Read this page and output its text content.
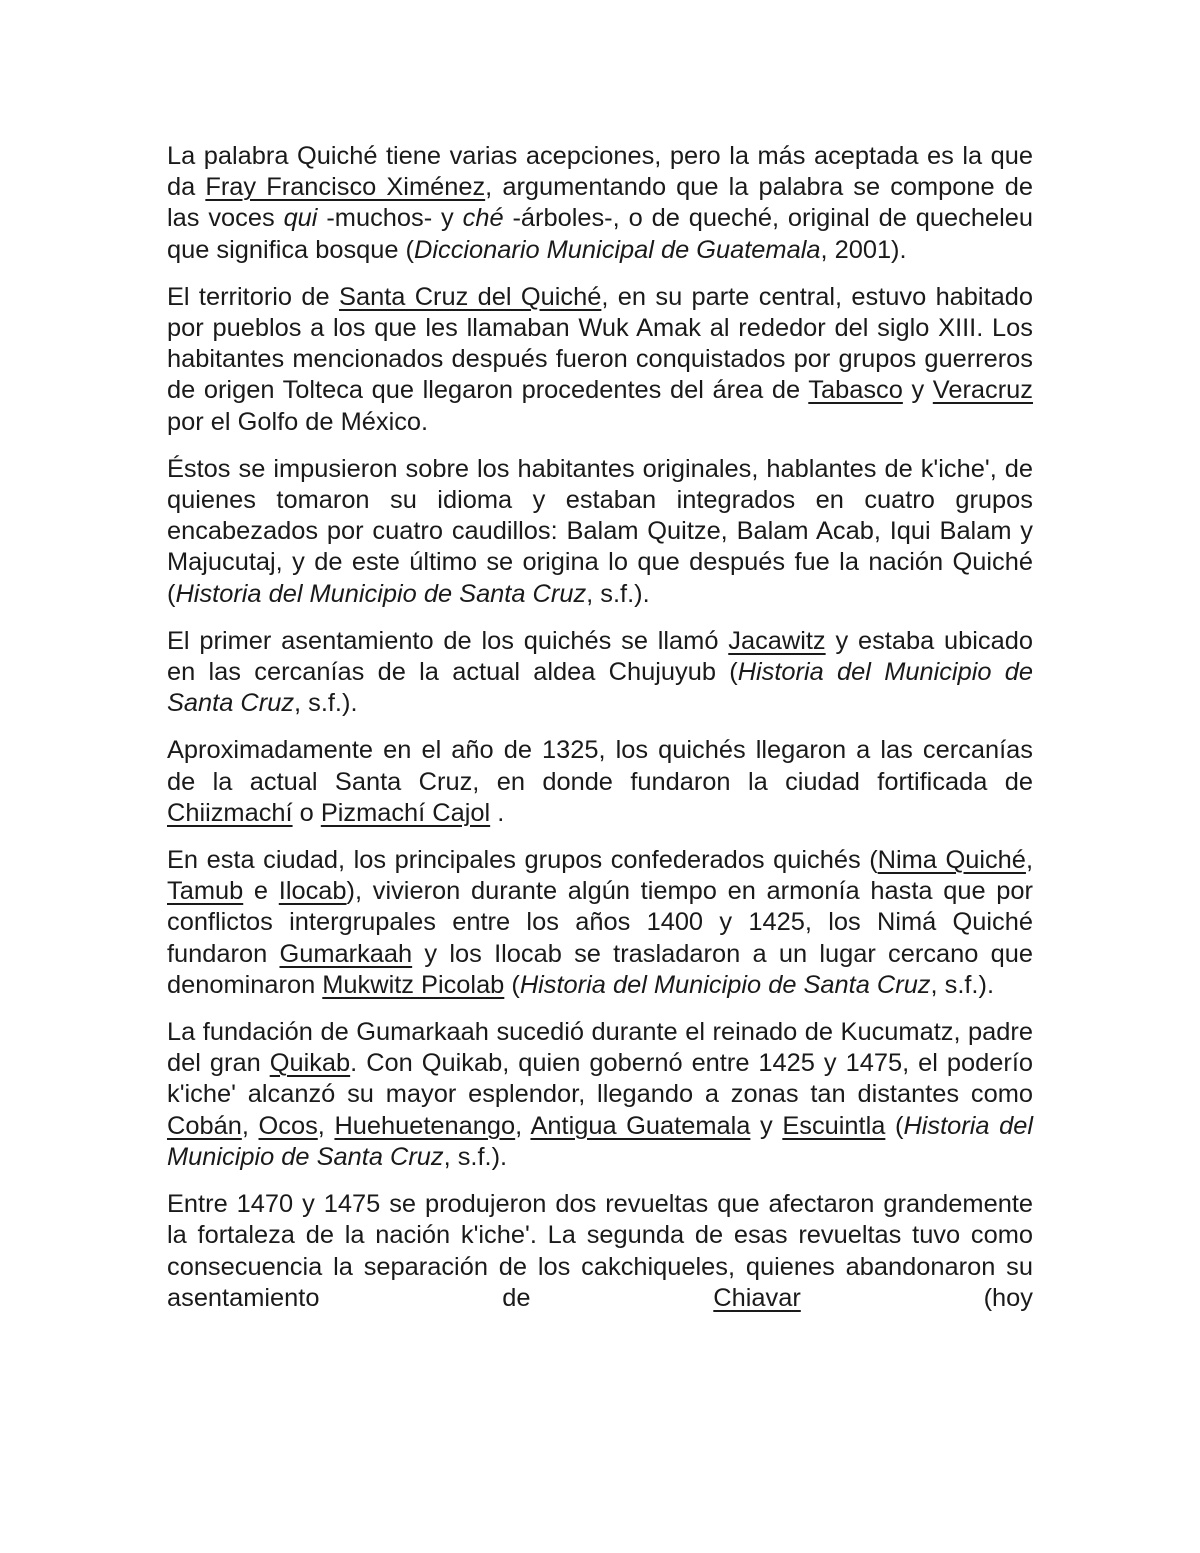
La palabra Quiché tiene varias acepciones, pero la más aceptada es la que da Fray Francisco Ximénez, argumentando que la palabra se compone de las voces qui -muchos- y ché -árboles-, o de queché, original de quecheleu que significa bosque (Diccionario Municipal de Guatemala, 2001).

El territorio de Santa Cruz del Quiché, en su parte central, estuvo habitado por pueblos a los que les llamaban Wuk Amak al rededor del siglo XIII. Los habitantes mencionados después fueron conquistados por grupos guerreros de origen Tolteca que llegaron procedentes del área de Tabasco y Veracruz por el Golfo de México.

Éstos se impusieron sobre los habitantes originales, hablantes de k'iche', de quienes tomaron su idioma y estaban integrados en cuatro grupos encabezados por cuatro caudillos: Balam Quitze, Balam Acab, Iqui Balam y Majucutaj, y de este último se origina lo que después fue la nación Quiché (Historia del Municipio de Santa Cruz, s.f.).

El primer asentamiento de los quichés se llamó Jacawitz y estaba ubicado en las cercanías de la actual aldea Chujuyub (Historia del Municipio de Santa Cruz, s.f.).

Aproximadamente en el año de 1325, los quichés llegaron a las cercanías de la actual Santa Cruz, en donde fundaron la ciudad fortificada de Chiizmachí o Pizmachí Cajol .

En esta ciudad, los principales grupos confederados quichés (Nima Quiché, Tamub e Ilocab), vivieron durante algún tiempo en armonía hasta que por conflictos intergrupales entre los años 1400 y 1425, los Nimá Quiché fundaron Gumarkaah y los Ilocab se trasladaron a un lugar cercano que denominaron Mukwitz Picolab (Historia del Municipio de Santa Cruz, s.f.).

La fundación de Gumarkaah sucedió durante el reinado de Kucumatz, padre del gran Quikab. Con Quikab, quien gobernó entre 1425 y 1475, el poderío k'iche' alcanzó su mayor esplendor, llegando a zonas tan distantes como Cobán, Ocos, Huehuetenango, Antigua Guatemala y Escuintla (Historia del Municipio de Santa Cruz, s.f.).

Entre 1470 y 1475 se produjeron dos revueltas que afectaron grandemente la fortaleza de la nación k'iche'. La segunda de esas revueltas tuvo como consecuencia la separación de los cakchiqueles, quienes abandonaron su asentamiento de Chiavar (hoy
